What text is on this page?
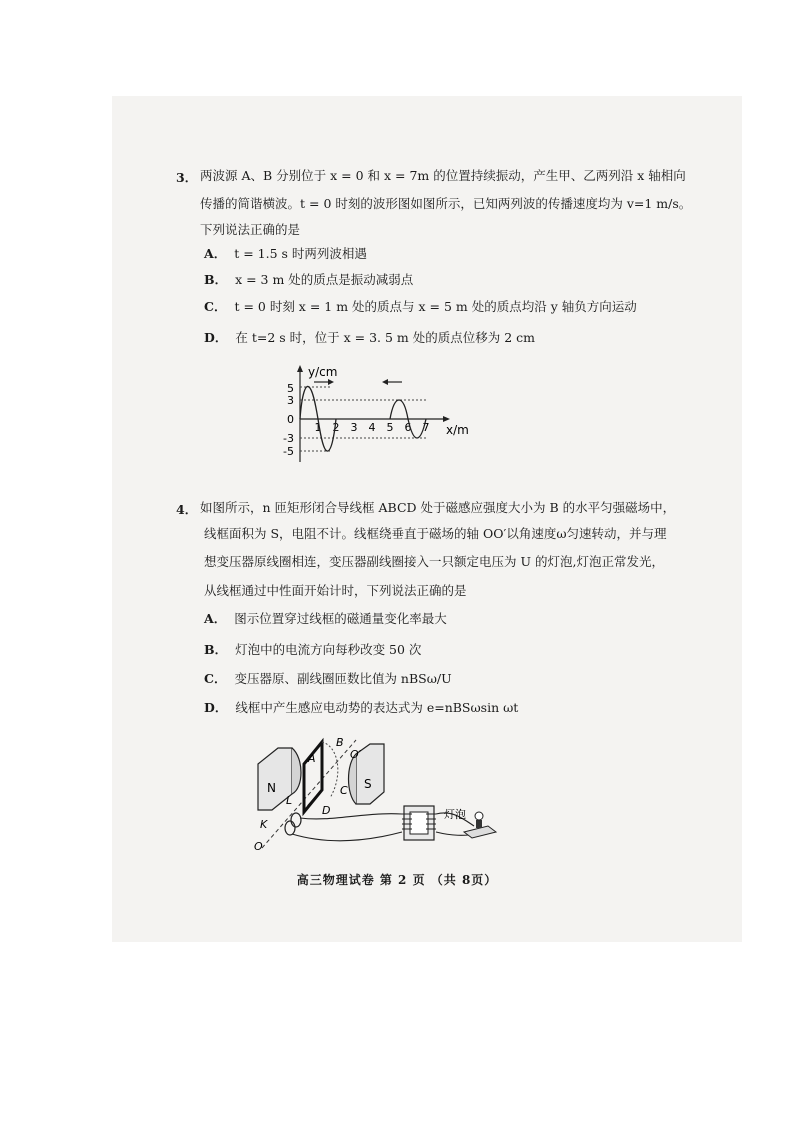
3． 两波源 A、B 分别位于 x = 0 和 x = 7m 的位置持续振动，产生甲、乙两列沿 x 轴相向
传播的简谐横波。t = 0 时刻的波形图如图所示，已知两列波的传播速度均为 v=1 m/s。
下列说法正确的是
A． t = 1.5 s 时两列波相遇
B． x = 3 m 处的质点是振动减弱点
C． t = 0 时刻 x = 1 m 处的质点与 x = 5 m 处的质点均沿 y 轴负方向运动
D． 在 t=2 s 时，位于 x = 3. 5 m 处的质点位移为 2 cm
y/cm
x/m
5
3
0
-3
-5
1 2 3 4 5 6 7
4． 如图所示，n 匝矩形闭合导线框 ABCD 处于磁感应强度大小为 B 的水平匀强磁场中，
线框面积为 S，电阻不计。线框绕垂直于磁场的轴 OO′以角速度ω匀速转动，并与理
想变压器原线圈相连，变压器副线圈接入一只额定电压为 U 的灯泡,灯泡正常发光，
从线框通过中性面开始计时，下列说法正确的是
A． 图示位置穿过线框的磁通量变化率最大
B． 灯泡中的电流方向每秒改变 50 次
C． 变压器原、副线圈匝数比值为 nBSω/U
D． 线框中产生感应电动势的表达式为 e=nBSωsin ωt
N	S
A
B
C
D
O′
L
K
O
灯泡
高三物理试卷 第 2 页 （共 8页）
